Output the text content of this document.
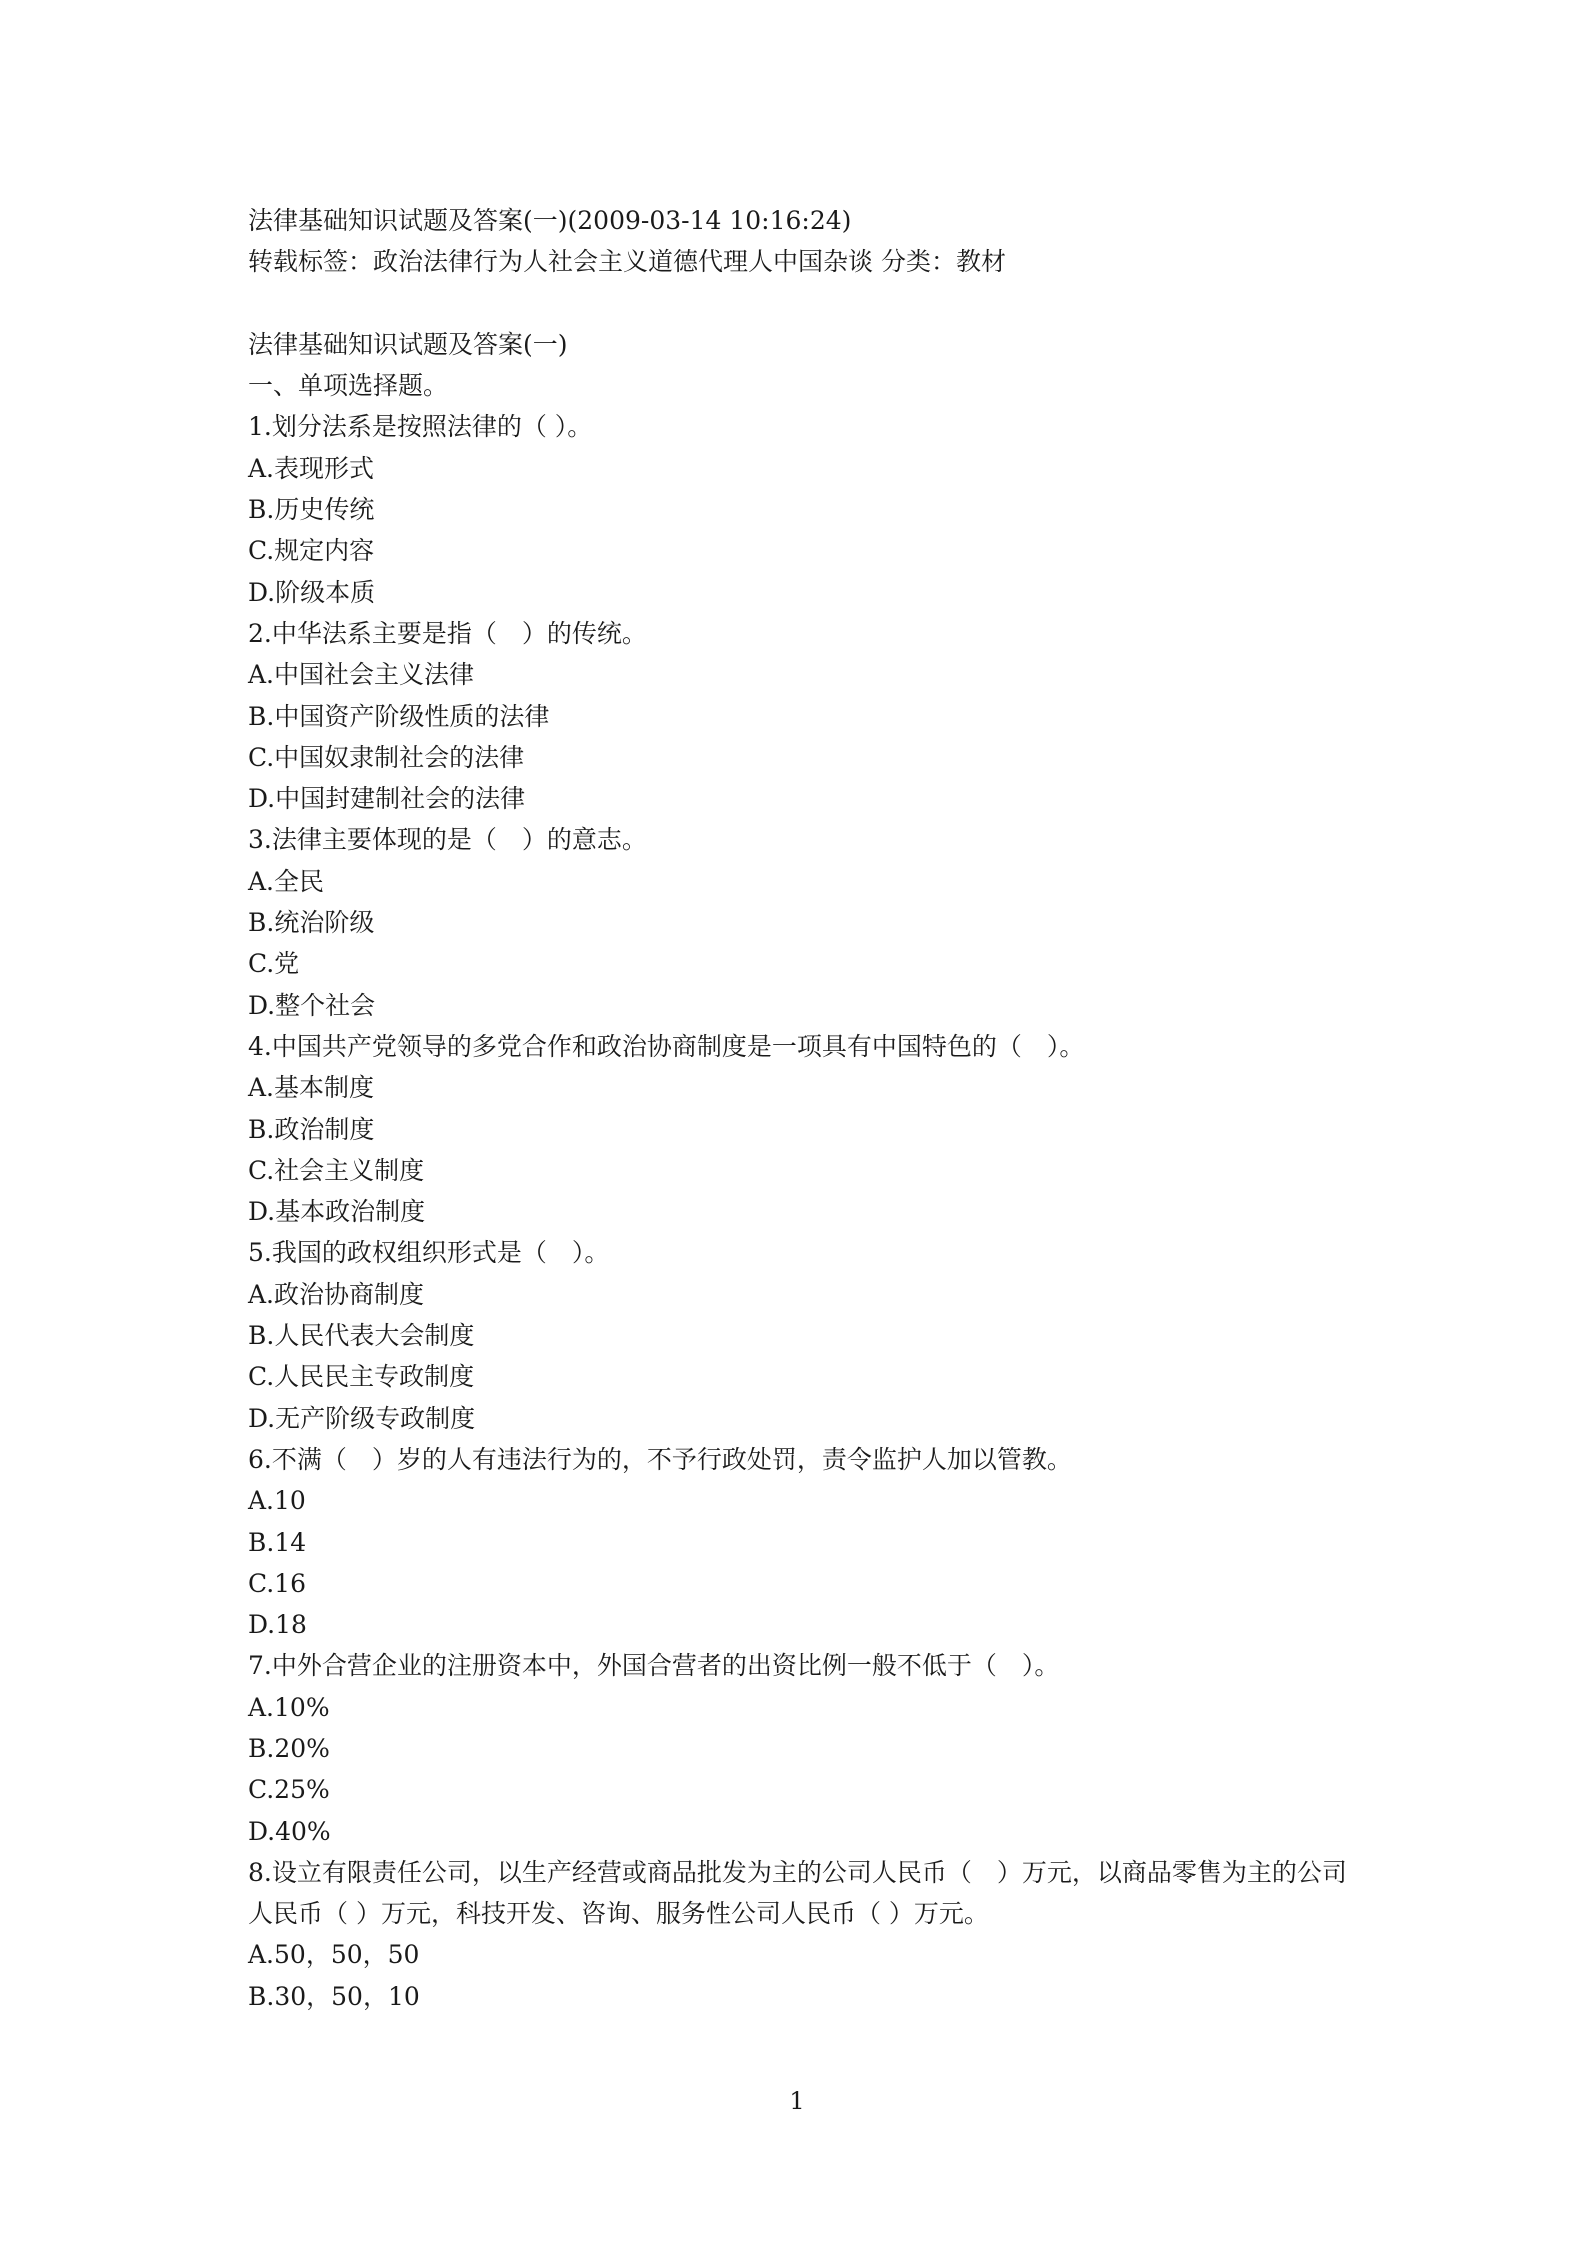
法律基础知识试题及答案(一)(2009-03-14 10:16:24)
转载标签：政治法律行为人社会主义道德代理人中国杂谈 分类：教材
法律基础知识试题及答案(一)
一、单项选择题。
1.划分法系是按照法律的（ ）。
A.表现形式
B.历史传统
C.规定内容
D.阶级本质
2.中华法系主要是指（　）的传统。
A.中国社会主义法律
B.中国资产阶级性质的法律
C.中国奴隶制社会的法律
D.中国封建制社会的法律
3.法律主要体现的是（　）的意志。
A.全民
B.统治阶级
C.党
D.整个社会
4.中国共产党领导的多党合作和政治协商制度是一项具有中国特色的（　）。
A.基本制度
B.政治制度
C.社会主义制度
D.基本政治制度
5.我国的政权组织形式是（　）。
A.政治协商制度
B.人民代表大会制度
C.人民民主专政制度
D.无产阶级专政制度
6.不满（　）岁的人有违法行为的，不予行政处罚，责令监护人加以管教。
A.10
B.14
C.16
D.18
7.中外合营企业的注册资本中，外国合营者的出资比例一般不低于（　）。
A.10%
B.20%
C.25%
D.40%
8.设立有限责任公司，以生产经营或商品批发为主的公司人民币（　）万元，以商品零售为主的公司人民币（ ）万元，科技开发、咨询、服务性公司人民币（ ）万元。
A.50，50，50
B.30，50，10
1
